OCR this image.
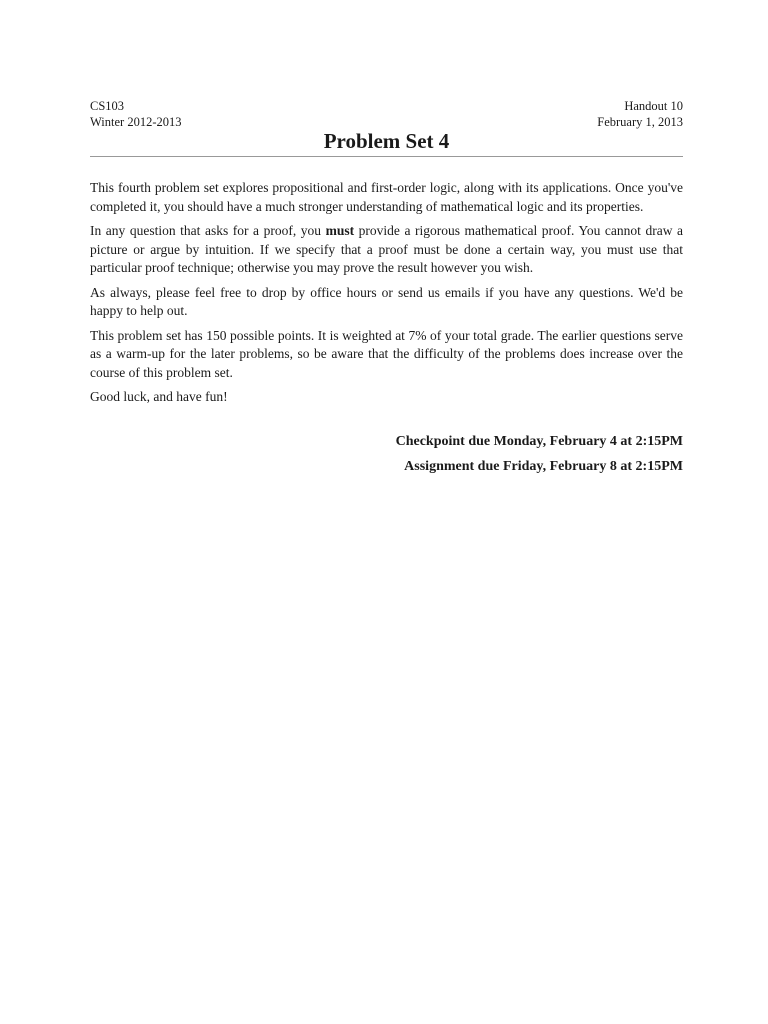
CS103
Winter 2012-2013
Handout 10
February 1, 2013
Problem Set 4

This fourth problem set explores propositional and first-order logic, along with its applications. Once you've completed it, you should have a much stronger understanding of mathematical logic and its properties.

In any question that asks for a proof, you must provide a rigorous mathematical proof. You cannot draw a picture or argue by intuition. If we specify that a proof must be done a certain way, you must use that particular proof technique; otherwise you may prove the result however you wish.

As always, please feel free to drop by office hours or send us emails if you have any questions. We'd be happy to help out.

This problem set has 150 possible points. It is weighted at 7% of your total grade. The earlier questions serve as a warm-up for the later problems, so be aware that the difficulty of the problems does increase over the course of this problem set.

Good luck, and have fun!

Checkpoint due Monday, February 4 at 2:15PM
Assignment due Friday, February 8 at 2:15PM
